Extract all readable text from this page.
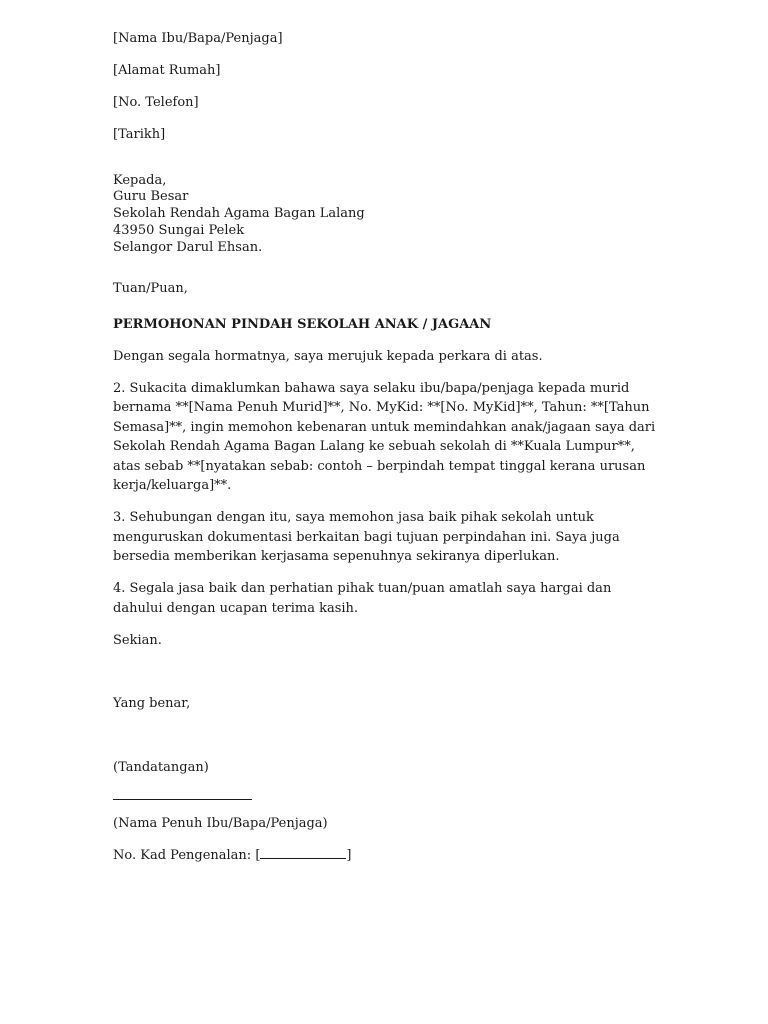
[Nama Ibu/Bapa/Penjaga]
[Alamat Rumah]
[No. Telefon]
[Tarikh]
Kepada,
Guru Besar
Sekolah Rendah Agama Bagan Lalang
43950 Sungai Pelek
Selangor Darul Ehsan.
Tuan/Puan,
PERMOHONAN PINDAH SEKOLAH ANAK / JAGAAN

Dengan segala hormatnya, saya merujuk kepada perkara di atas.

2. Sukacita dimaklumkan bahawa saya selaku ibu/bapa/penjaga kepada murid bernama **[Nama Penuh Murid]**, No. MyKid: **[No. MyKid]**, Tahun: **[Tahun Semasa]**, ingin memohon kebenaran untuk memindahkan anak/jagaan saya dari Sekolah Rendah Agama Bagan Lalang ke sebuah sekolah di **Kuala Lumpur**, atas sebab **[nyatakan sebab: contoh – berpindah tempat tinggal kerana urusan kerja/keluarga]**.

3. Sehubungan dengan itu, saya memohon jasa baik pihak sekolah untuk menguruskan dokumentasi berkaitan bagi tujuan perpindahan ini. Saya juga bersedia memberikan kerjasama sepenuhnya sekiranya diperlukan.

4. Segala jasa baik dan perhatian pihak tuan/puan amatlah saya hargai dan dahului dengan ucapan terima kasih.

Sekian.
Yang benar,
(Tandatangan)
(Nama Penuh Ibu/Bapa/Penjaga)
No. Kad Pengenalan: [	]
